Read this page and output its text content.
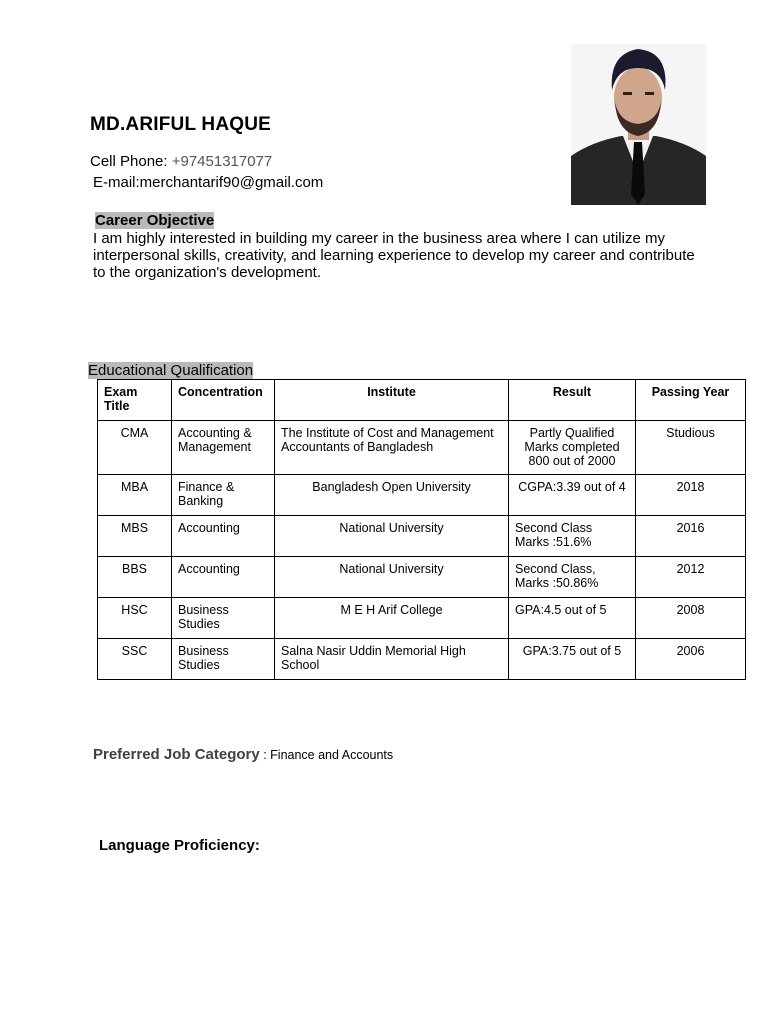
MD.ARIFUL HAQUE
Cell Phone: +97451317077
E-mail:merchantarif90@gmail.com
Career Objective
I am highly interested in building my career in the business area where I can utilize my interpersonal skills, creativity, and learning experience to develop my career and contribute to the organization's development.
Educational Qualification
Exam Title	Concentration	Institute	Result	Passing Year
CMA	Accounting & Management	The Institute of Cost and Management Accountants of Bangladesh	Partly Qualified Marks completed 800 out of 2000	Studious
MBA	Finance & Banking	Bangladesh Open University	CGPA:3.39 out of 4	2018
MBS	Accounting	National University	Second Class Marks :51.6%	2016
BBS	Accounting	National University	Second Class, Marks :50.86%	2012
HSC	Business Studies	M E H Arif College	GPA:4.5 out of 5	2008
SSC	Business Studies	Salna Nasir Uddin Memorial High School	GPA:3.75 out of 5	2006
Preferred Job Category : Finance and Accounts
Language Proficiency:
